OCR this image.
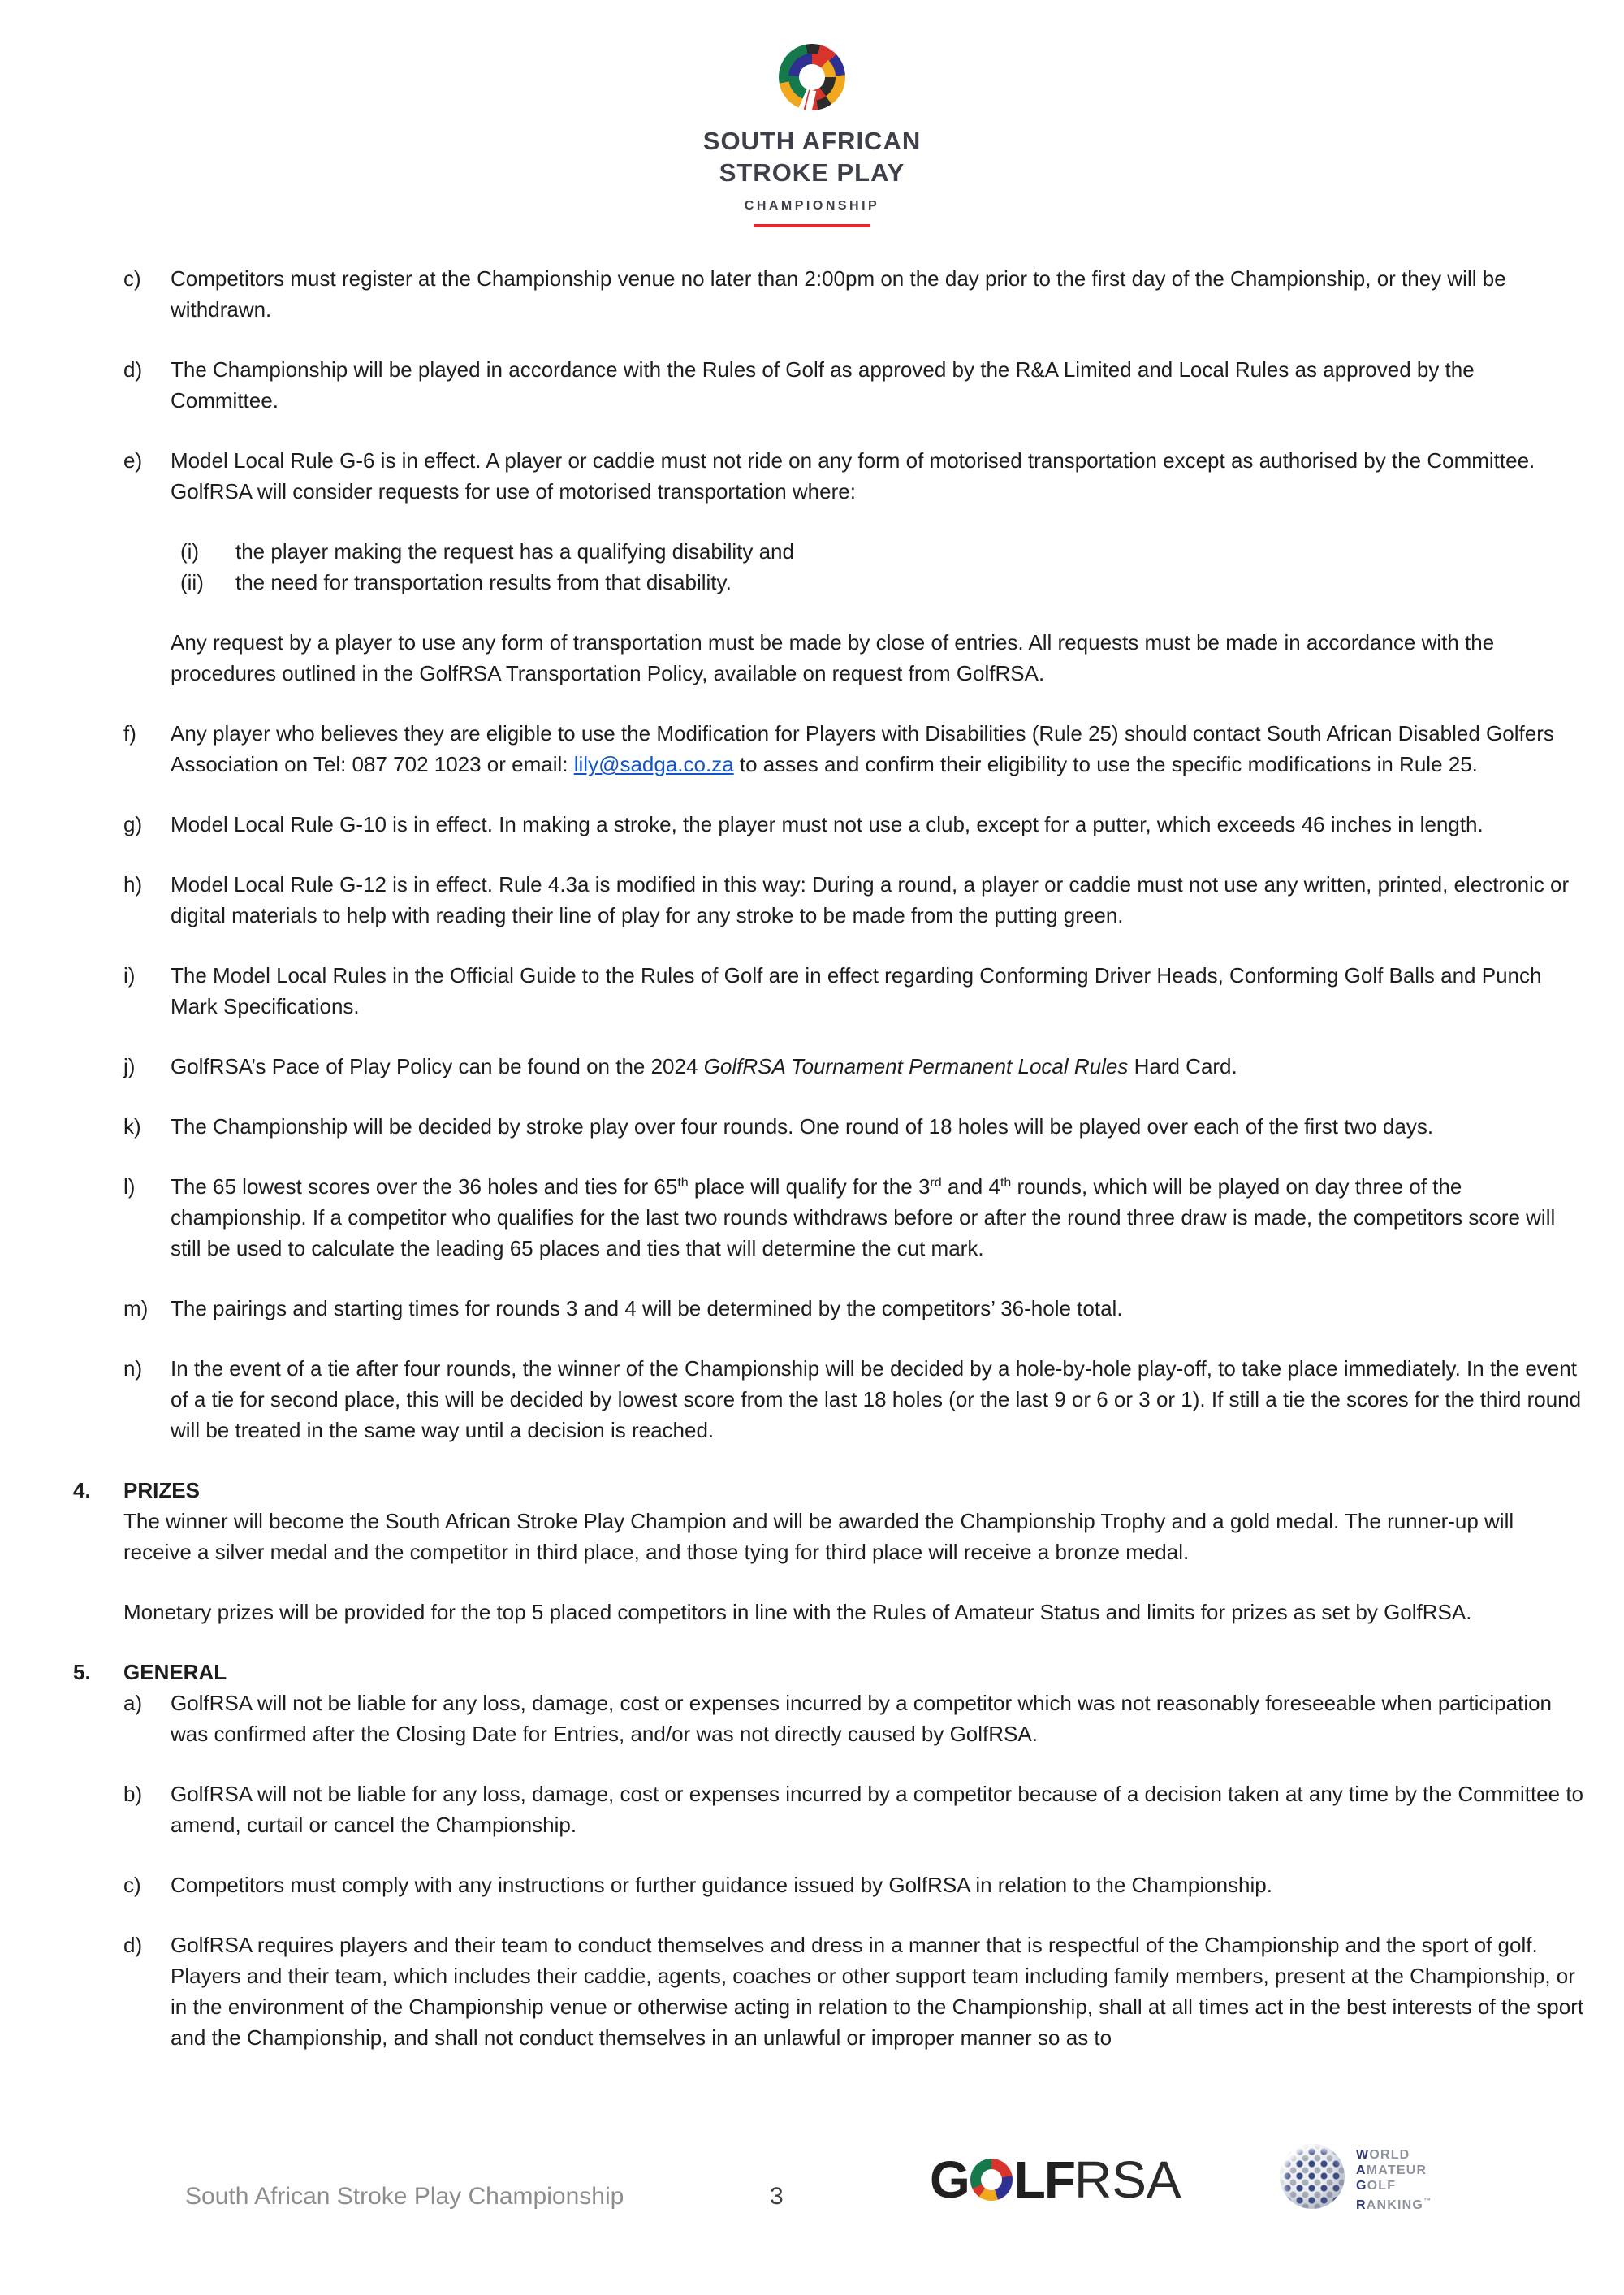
SOUTH AFRICAN
STROKE PLAY
CHAMPIONSHIP
c)	Competitors must register at the Championship venue no later than 2:00pm on the day prior to the first day of the Championship, or they will be withdrawn.

d)	The Championship will be played in accordance with the Rules of Golf as approved by the R&A Limited and Local Rules as approved by the Committee.

e)	Model Local Rule G-6 is in effect. A player or caddie must not ride on any form of motorised transportation except as authorised by the Committee. GolfRSA will consider requests for use of motorised transportation where:

(i)	the player making the request has a qualifying disability and

(ii)	the need for transportation results from that disability.

Any request by a player to use any form of transportation must be made by close of entries. All requests must be made in accordance with the procedures outlined in the GolfRSA Transportation Policy, available on request from GolfRSA.

f)	Any player who believes they are eligible to use the Modification for Players with Disabilities (Rule 25) should contact South African Disabled Golfers Association on Tel: 087 702 1023 or email: lily@sadga.co.za to asses and confirm their eligibility to use the specific modifications in Rule 25.

g)	Model Local Rule G-10 is in effect. In making a stroke, the player must not use a club, except for a putter, which exceeds 46 inches in length.

h)	Model Local Rule G-12 is in effect. Rule 4.3a is modified in this way: During a round, a player or caddie must not use any written, printed, electronic or digital materials to help with reading their line of play for any stroke to be made from the putting green.

i)	The Model Local Rules in the Official Guide to the Rules of Golf are in effect regarding Conforming Driver Heads, Conforming Golf Balls and Punch Mark Specifications.

j)	GolfRSA’s Pace of Play Policy can be found on the 2024 GolfRSA Tournament Permanent Local Rules Hard Card.

k)	The Championship will be decided by stroke play over four rounds. One round of 18 holes will be played over each of the first two days.

l)	The 65 lowest scores over the 36 holes and ties for 65th place will qualify for the 3rd and 4th rounds, which will be played on day three of the championship. If a competitor who qualifies for the last two rounds withdraws before or after the round three draw is made, the competitors score will still be used to calculate the leading 65 places and ties that will determine the cut mark.

m)	The pairings and starting times for rounds 3 and 4 will be determined by the competitors’ 36-hole total.

n)	In the event of a tie after four rounds, the winner of the Championship will be decided by a hole-by-hole play-off, to take place immediately. In the event of a tie for second place, this will be decided by lowest score from the last 18 holes (or the last 9 or 6 or 3 or 1). If still a tie the scores for the third round will be treated in the same way until a decision is reached.

4.	PRIZES

The winner will become the South African Stroke Play Champion and will be awarded the Championship Trophy and a gold medal. The runner-up will receive a silver medal and the competitor in third place, and those tying for third place will receive a bronze medal.

Monetary prizes will be provided for the top 5 placed competitors in line with the Rules of Amateur Status and limits for prizes as set by GolfRSA.

5.	GENERAL
a)	GolfRSA will not be liable for any loss, damage, cost or expenses incurred by a competitor which was not reasonably foreseeable when participation was confirmed after the Closing Date for Entries, and/or was not directly caused by GolfRSA.

b)	GolfRSA will not be liable for any loss, damage, cost or expenses incurred by a competitor because of a decision taken at any time by the Committee to amend, curtail or cancel the Championship.

c)	Competitors must comply with any instructions or further guidance issued by GolfRSA in relation to the Championship.

d)	GolfRSA requires players and their team to conduct themselves and dress in a manner that is respectful of the Championship and the sport of golf. Players and their team, which includes their caddie, agents, coaches or other support team including family members, present at the Championship, or in the environment of the Championship venue or otherwise acting in relation to the Championship, shall at all times act in the best interests of the sport and the Championship, and shall not conduct themselves in an unlawful or improper manner so as to

South African Stroke Play Championship	3	G LF RSA	WORLD
AMATEUR
GOLF
RANKING™
